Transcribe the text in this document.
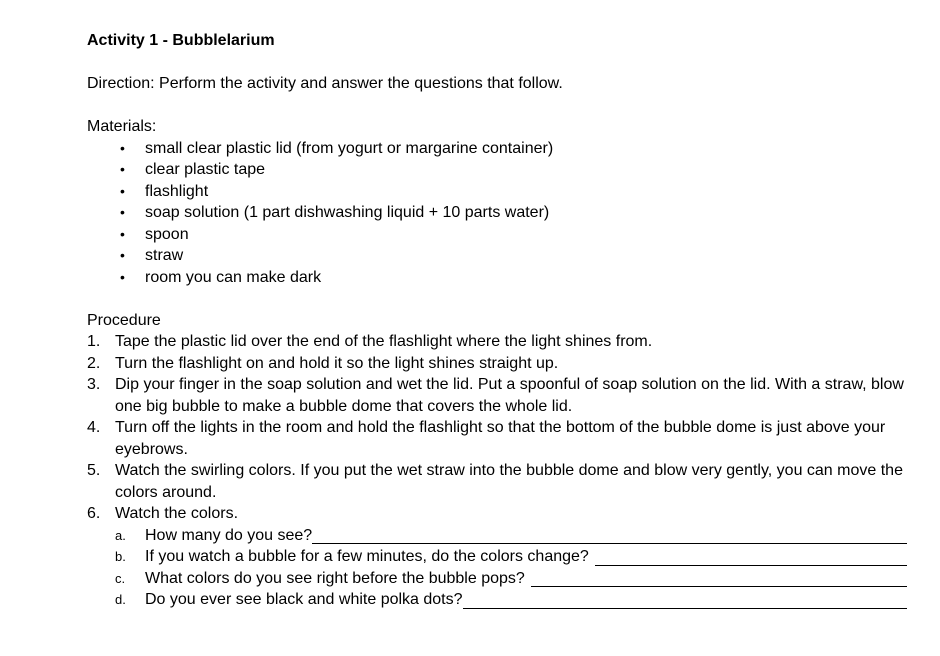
Activity 1 - Bubblelarium
Direction: Perform the activity and answer the questions that follow.
Materials:
•	small clear plastic lid (from yogurt or margarine container)
•	clear plastic tape
•	flashlight
•	soap solution (1 part dishwashing liquid + 10 parts water)
•	spoon
•	straw
•	room you can make dark
Procedure
1. Tape the plastic lid over the end of the flashlight where the light shines from.
2. Turn the flashlight on and hold it so the light shines straight up.
3. Dip your finger in the soap solution and wet the lid. Put a spoonful of soap solution on the lid. With a straw, blow one big bubble to make a bubble dome that covers the whole lid.
4. Turn off the lights in the room and hold the flashlight so that the bottom of the bubble dome is just above your eyebrows.
5. Watch the swirling colors. If you put the wet straw into the bubble dome and blow very gently, you can move the colors around.
6. Watch the colors.
a.	How many do you see?
b.	If you watch a bubble for a few minutes, do the colors change?
c.	What colors do you see right before the bubble pops?
d.	Do you ever see black and white polka dots?
